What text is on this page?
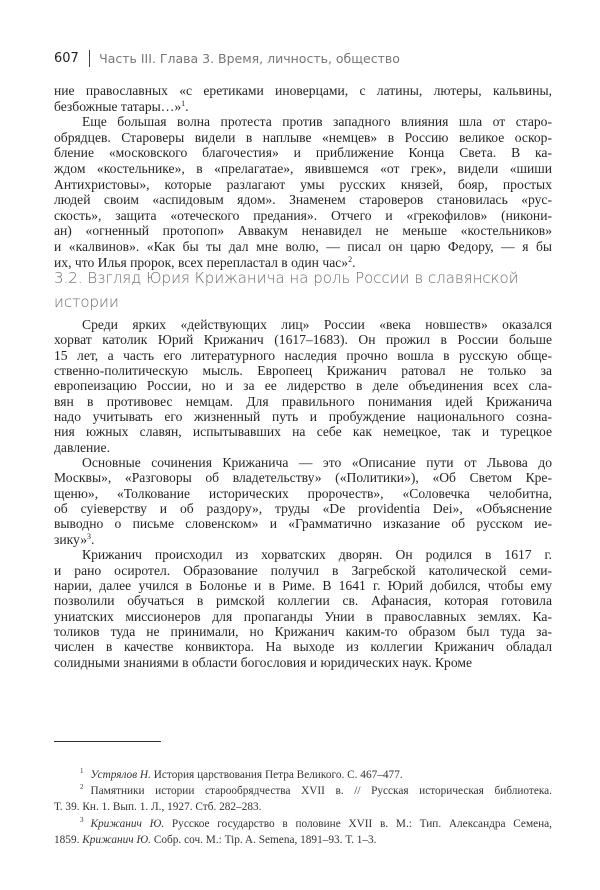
607 Часть III. Глава 3. Время, личность, общество
ние православных «с еретиками иноверцами, с латины, лютеры, кальвины,
безбожные татары…»$^1$.
Еще большая волна протеста против западного влияния шла от старо-
обрядцев. Староверы видели в наплыве «немцев» в Россию великое оскор-
бление «московского благочестия» и приближение Конца Света. В ка-
ждом «костельнике», в «прелагатае», явившемся «от грек», видели «шиши
Антихристовы», которые разлагают умы русских князей, бояр, простых
людей своим «аспидовым ядом». Знаменем староверов становилась «рус-
скость», защита «отеческого предания». Отчего и «грекофилов» (никони-
ан) «огненный протопоп» Аввакум ненавидел не меньше «костельников»
и «калвинов». «Как бы ты дал мне волю, — писал он царю Федору, — я бы
их, что Илья пророк, всех перепластал в один час»$^2$.
3.2. Взгляд Юрия Крижанича на роль России в славянской
истории
Среди ярких «действующих лиц» России «века новшеств» оказался
хорват католик Юрий Крижанич (1617–1683). Он прожил в России больше
15 лет, а часть его литературного наследия прочно вошла в русскую обще-
ственно-политическую мысль. Европеец Крижанич ратовал не только за
европеизацию России, но и за ее лидерство в деле объединения всех сла-
вян в противовес немцам. Для правильного понимания идей Крижанича
надо учитывать его жизненный путь и пробуждение национального созна-
ния южных славян, испытывавших на себе как немецкое, так и турецкое
давление.
Основные сочинения Крижанича — это «Описание пути от Львова до
Москвы», «Разговоры об владетельству» («Политики»), «Об Светом Кре-
щеню», «Толкование исторических пророчеств», «Соловечка челобитна,
об суіеверству и об раздору», труды «De providentia Dei», «Объяснение
выводно о письме словенском» и «Грамматично изказание об русском ие-
зику»$^3$.
Крижанич происходил из хорватских дворян. Он родился в 1617 г.
и рано осиротел. Образование получил в Загребской католической семи-
нарии, далее учился в Болонье и в Риме. В 1641 г. Юрий добился, чтобы ему
позволили обучаться в римской коллегии св. Афанасия, которая готовила
униатских миссионеров для пропаганды Унии в православных землях. Ка-
толиков туда не принимали, но Крижанич каким-то образом был туда за-
числен в качестве конвиктора. На выходе из коллегии Крижанич обладал
солидными знаниями в области богословия и юридических наук. Кроме
$^1$ Устрялов Н. История царствования Петра Великого. С. 467–477.
$^2$ Памятники истории старообрядчества XVII в. // Русская историческая библиотека.
Т. 39. Кн. 1. Вып. 1. Л., 1927. Стб. 282–283.
$^3$ Крижанич Ю. Русское государство в половине XVII в. М.: Тип. Александра Семена,
1859. Крижанич Ю. Собр. соч. М.: Tip. A. Semena, 1891–93. Т. 1–3.
